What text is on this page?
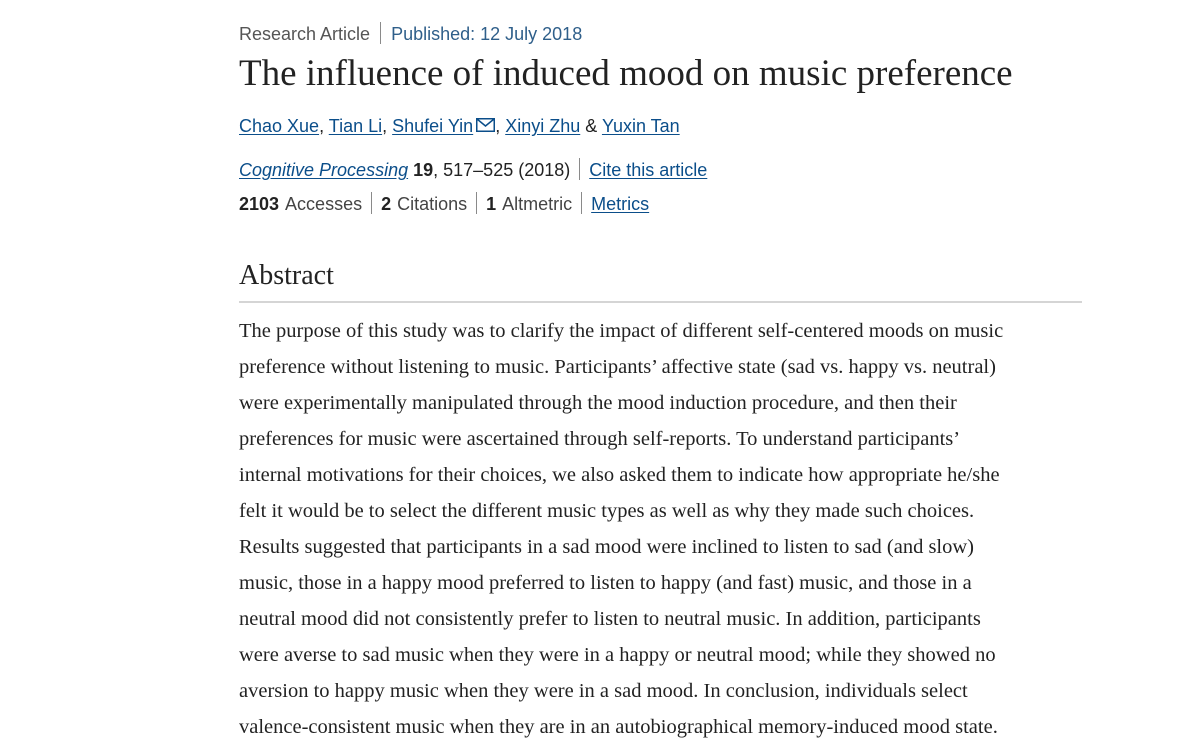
Research Article Published: 12 July 2018
The influence of induced mood on music preference
Chao Xue, Tian Li, Shufei Yin , Xinyi Zhu & Yuxin Tan
Cognitive Processing 19, 517–525 (2018) Cite this article
2103 Accesses 2 Citations 1 Altmetric Metrics
Abstract

The purpose of this study was to clarify the impact of different self-centered moods on music
preference without listening to music. Participants’ affective state (sad vs. happy vs. neutral)
were experimentally manipulated through the mood induction procedure, and then their
preferences for music were ascertained through self-reports. To understand participants’
internal motivations for their choices, we also asked them to indicate how appropriate he/she
felt it would be to select the different music types as well as why they made such choices.
Results suggested that participants in a sad mood were inclined to listen to sad (and slow)
music, those in a happy mood preferred to listen to happy (and fast) music, and those in a
neutral mood did not consistently prefer to listen to neutral music. In addition, participants
were averse to sad music when they were in a happy or neutral mood; while they showed no
aversion to happy music when they were in a sad mood. In conclusion, individuals select
valence-consistent music when they are in an autobiographical memory-induced mood state.
